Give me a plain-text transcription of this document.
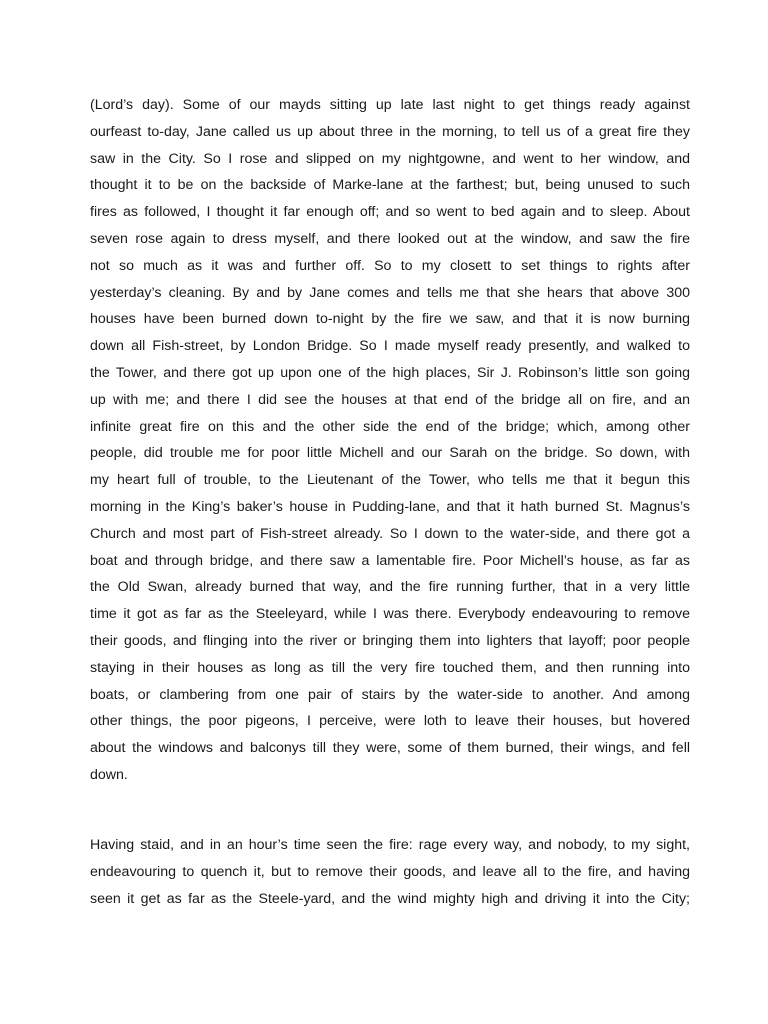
(Lord’s day). Some of our mayds sitting up late last night to get things ready against
ourfeast to-day, Jane called us up about three in the morning, to tell us of a great fire they
saw in the City. So I rose and slipped on my nightgowne, and went to her window, and
thought it to be on the backside of Marke-lane at the farthest; but, being unused to such
fires as followed, I thought it far enough off; and so went to bed again and to sleep. About
seven rose again to dress myself, and there looked out at the window, and saw the fire
not so much as it was and further off. So to my closett to set things to rights after
yesterday’s cleaning. By and by Jane comes and tells me that she hears that above 300
houses have been burned down to-night by the fire we saw, and that it is now burning
down all Fish-street, by London Bridge. So I made myself ready presently, and walked to
the Tower, and there got up upon one of the high places, Sir J. Robinson’s little son going
up with me; and there I did see the houses at that end of the bridge all on fire, and an
infinite great fire on this and the other side the end of the bridge; which, among other
people, did trouble me for poor little Michell and our Sarah on the bridge. So down, with
my heart full of trouble, to the Lieutenant of the Tower, who tells me that it begun this
morning in the King’s baker’s house in Pudding-lane, and that it hath burned St. Magnus’s
Church and most part of Fish-street already. So I down to the water-side, and there got a
boat and through bridge, and there saw a lamentable fire. Poor Michell’s house, as far as
the Old Swan, already burned that way, and the fire running further, that in a very little
time it got as far as the Steeleyard, while I was there. Everybody endeavouring to remove
their goods, and flinging into the river or bringing them into lighters that layoff; poor people
staying in their houses as long as till the very fire touched them, and then running into
boats, or clambering from one pair of stairs by the water-side to another. And among
other things, the poor pigeons, I perceive, were loth to leave their houses, but hovered
about the windows and balconys till they were, some of them burned, their wings, and fell
down.
Having staid, and in an hour’s time seen the fire: rage every way, and nobody, to my sight,
endeavouring to quench it, but to remove their goods, and leave all to the fire, and having
seen it get as far as the Steele-yard, and the wind mighty high and driving it into the City;
